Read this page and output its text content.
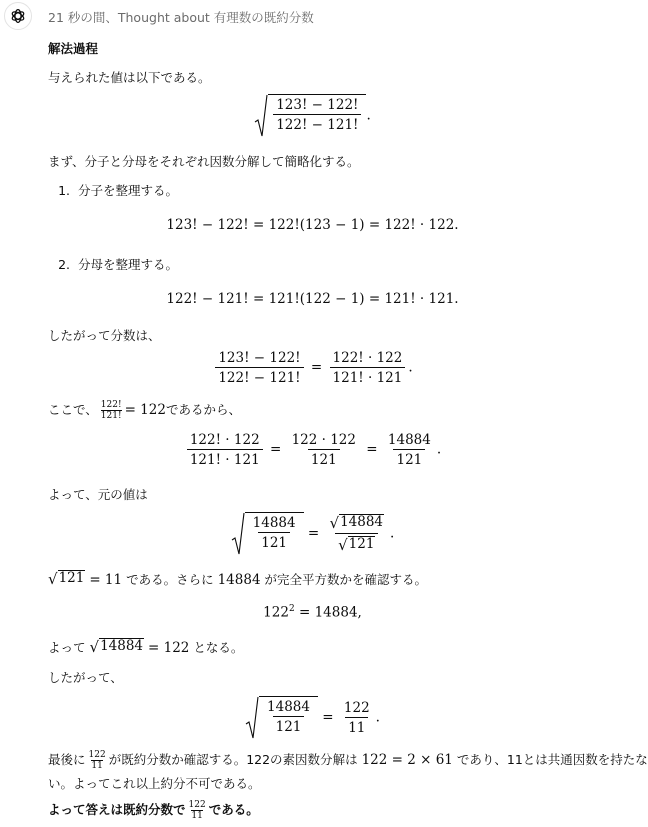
21 秒の間、Thought about 有理数の既約分数
解法過程
与えられた値は以下である。
$\frac{123! - 122!}{122! - 121!}$ .
まず、分子と分母をそれぞれ因数分解して簡略化する。
1. 分子を整理する。
123! − 122! = 122!(123 − 1) = 122! · 122.
2. 分母を整理する。
122! − 121! = 121!(122 − 1) = 121! · 121.
したがって分数は、
$\frac{123! - 122!}{122! - 121!} = \frac{122! \cdot 122}{121! \cdot 121}$ .
ここで、 $\frac{122!}{121!} = 122$であるから、
$\frac{122! \cdot 122}{121! \cdot 121} = \frac{122 \cdot 122}{121} = \frac{14884}{121}$ .
よって、元の値は
$\frac{14884}{121} = \frac{√ 14884}{√ 121}$ .
√ 121 = 11 である。さらに 14884 が完全平方数かを確認する。
$122^2 = 14884$,
よって √ 14884 = 122 となる。
したがって、
$\frac{14884}{121} = \frac{122}{11}$ .
最後に $\frac{122}{11}$ が既約分数か確認する。122の素因数分解は 122 = 2 × 61 であり、11とは共通因数を持たな
い。よってこれ以上約分不可である。
よって答えは既約分数で $\frac{122}{11}$ である。
